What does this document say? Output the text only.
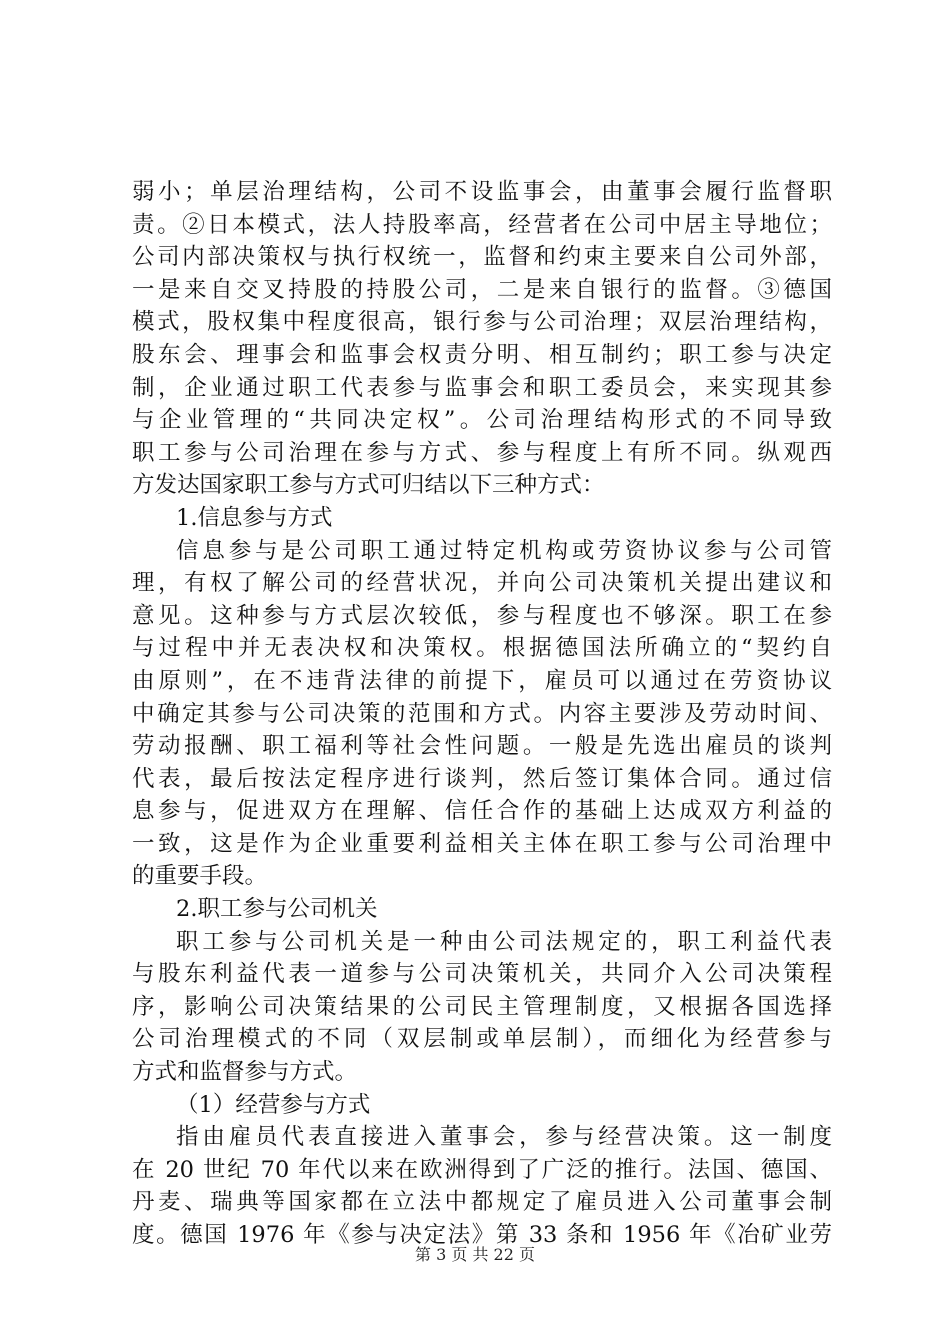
弱小；单层治理结构，公司不设监事会，由董事会履行监督职
责。②日本模式，法人持股率高，经营者在公司中居主导地位；
公司内部决策权与执行权统一，监督和约束主要来自公司外部，
一是来自交叉持股的持股公司，二是来自银行的监督。③德国
模式，股权集中程度很高，银行参与公司治理；双层治理结构，
股东会、理事会和监事会权责分明、相互制约；职工参与决定
制，企业通过职工代表参与监事会和职工委员会，来实现其参
与企业管理的“共同决定权”。公司治理结构形式的不同导致
职工参与公司治理在参与方式、参与程度上有所不同。纵观西
方发达国家职工参与方式可归结以下三种方式：
1.信息参与方式
信息参与是公司职工通过特定机构或劳资协议参与公司管
理，有权了解公司的经营状况，并向公司决策机关提出建议和
意见。这种参与方式层次较低，参与程度也不够深。职工在参
与过程中并无表决权和决策权。根据德国法所确立的“契约自
由原则”，在不违背法律的前提下，雇员可以通过在劳资协议
中确定其参与公司决策的范围和方式。内容主要涉及劳动时间、
劳动报酬、职工福利等社会性问题。一般是先选出雇员的谈判
代表，最后按法定程序进行谈判，然后签订集体合同。通过信
息参与，促进双方在理解、信任合作的基础上达成双方利益的
一致，这是作为企业重要利益相关主体在职工参与公司治理中
的重要手段。
2.职工参与公司机关
职工参与公司机关是一种由公司法规定的，职工利益代表
与股东利益代表一道参与公司决策机关，共同介入公司决策程
序，影响公司决策结果的公司民主管理制度，又根据各国选择
公司治理模式的不同（双层制或单层制），而细化为经营参与
方式和监督参与方式。
（1）经营参与方式
指由雇员代表直接进入董事会，参与经营决策。这一制度
在 20 世纪 70 年代以来在欧洲得到了广泛的推行。法国、德国、
丹麦、瑞典等国家都在立法中都规定了雇员进入公司董事会制
度。德国 1976 年《参与决定法》第 33 条和 1956 年《冶矿业劳
第 3 页 共 22 页
